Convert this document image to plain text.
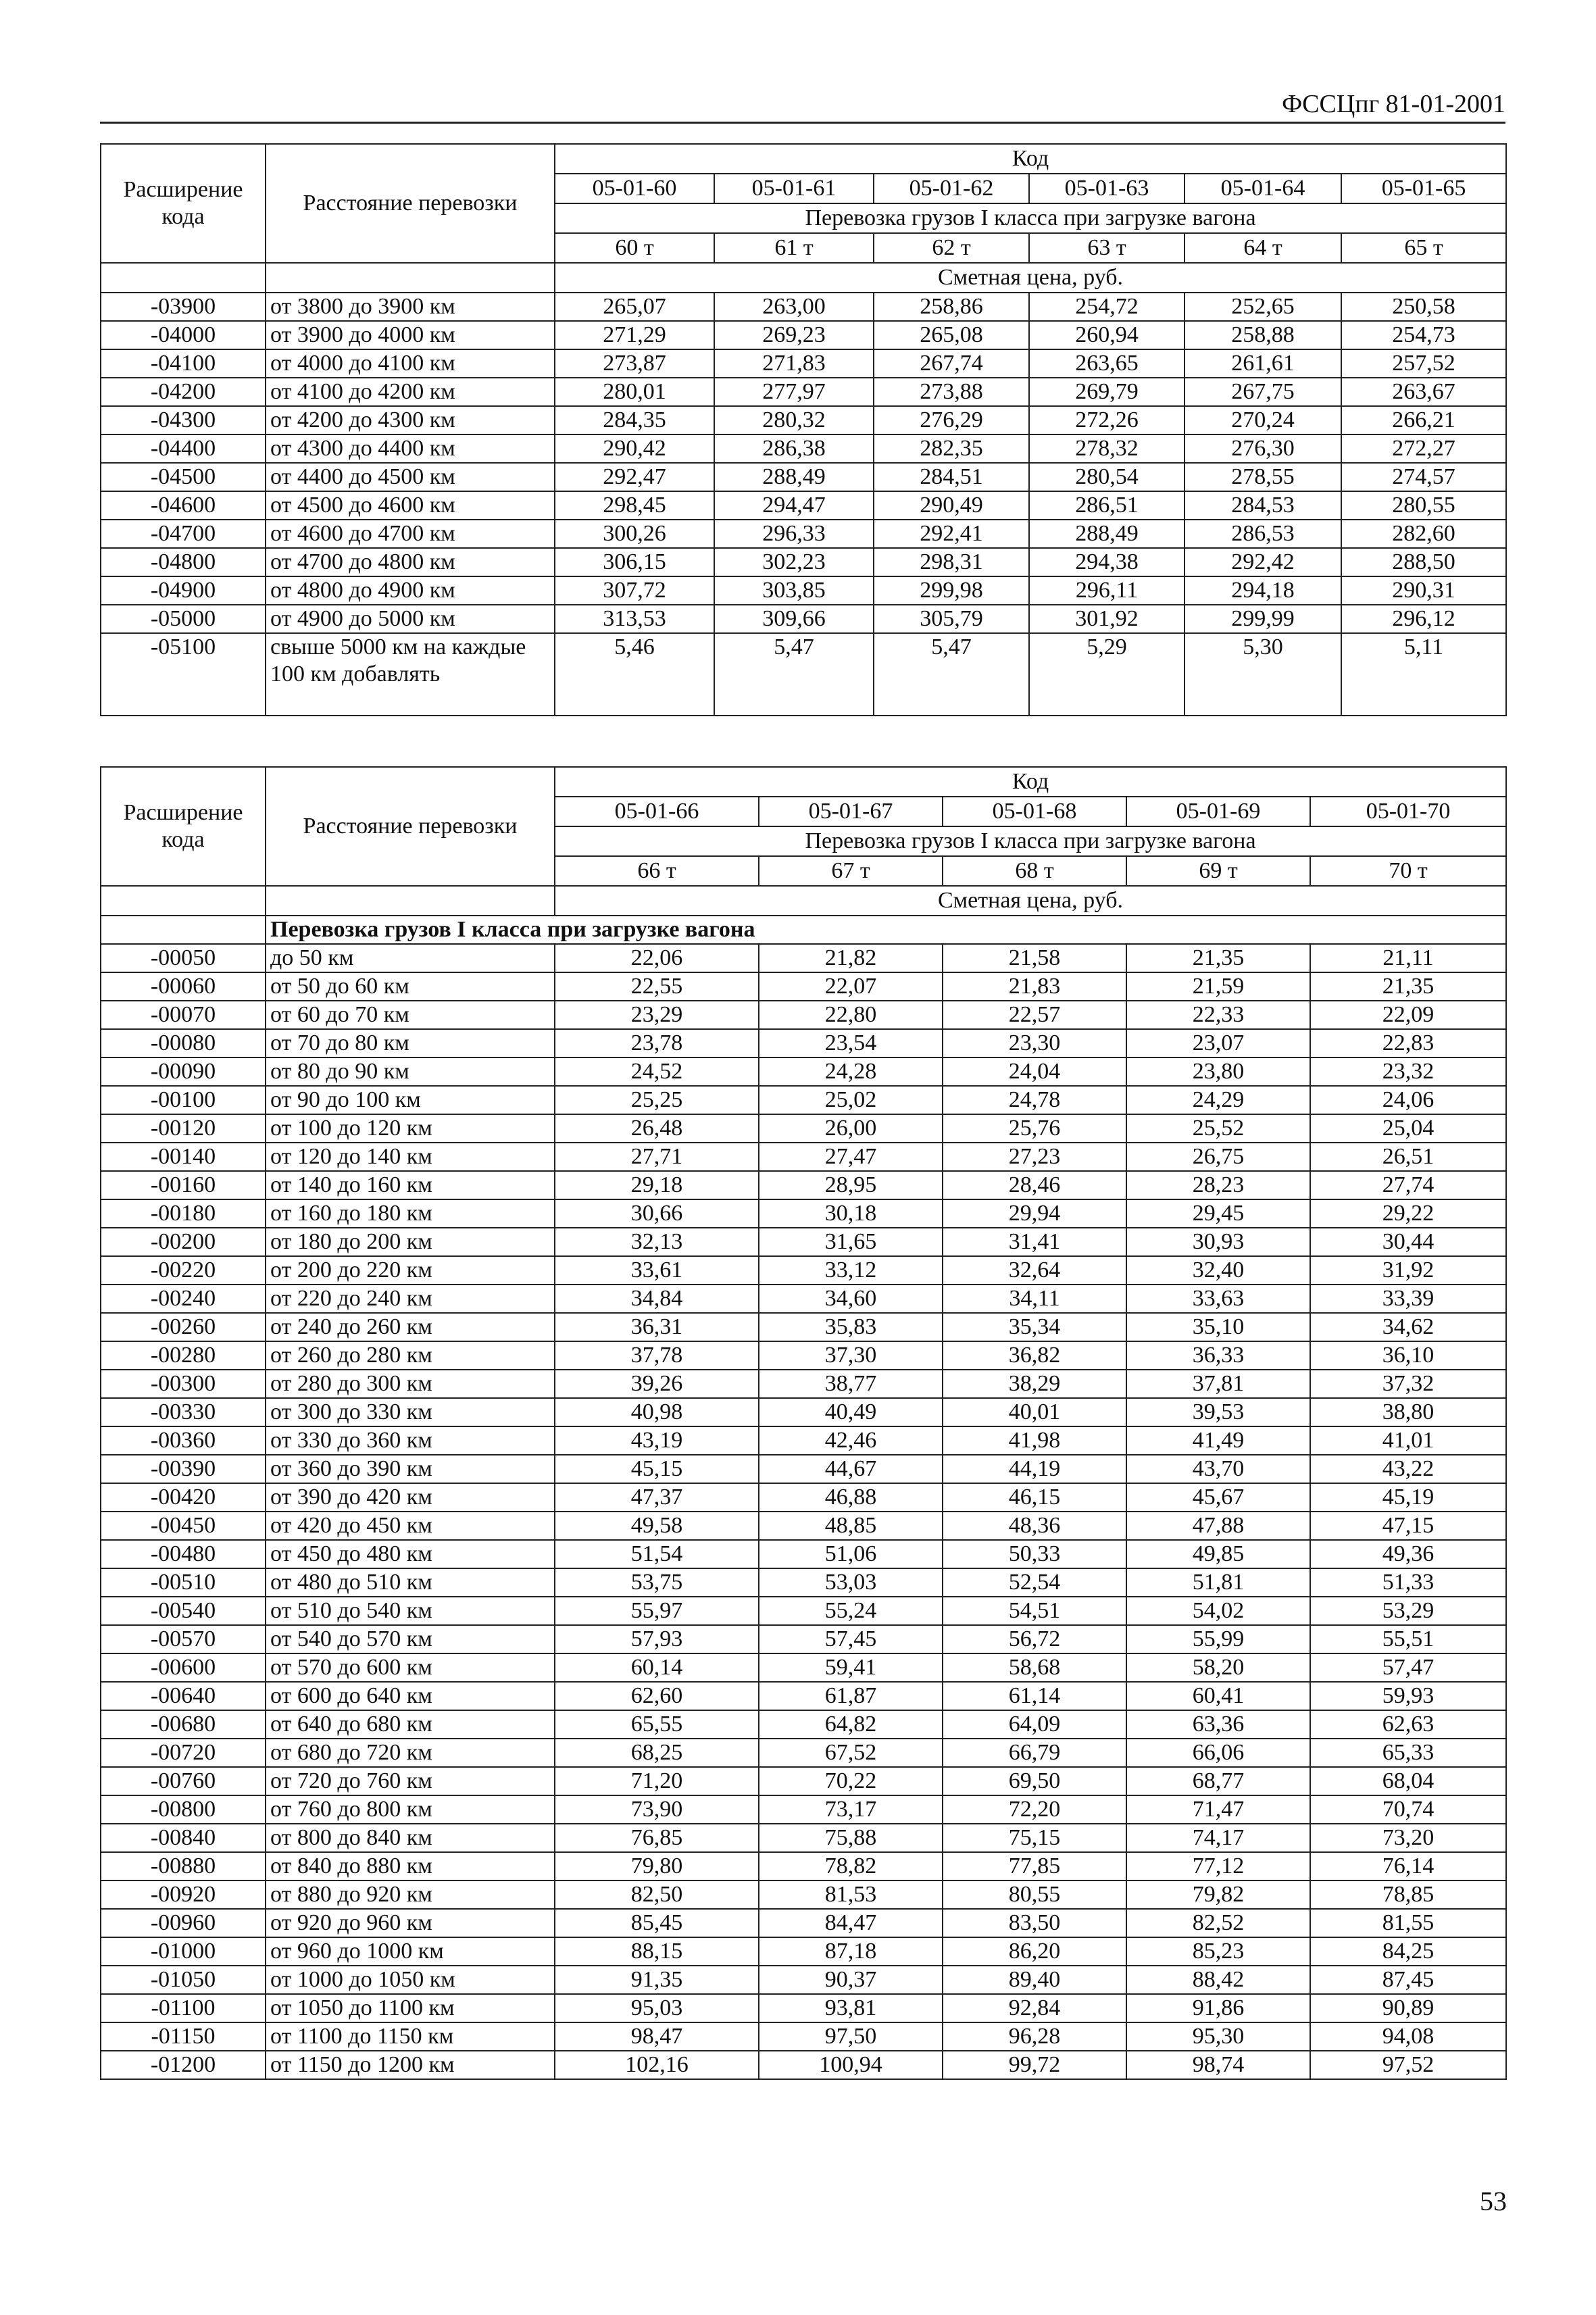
ФССЦпг 81-01-2001
Расширение кода	Расстояние перевозки	Код					
		05-01-60	05-01-61	05-01-62	05-01-63	05-01-64	05-01-65
		Перевозка грузов I класса при загрузке вагона					
		60 т	61 т	62 т	63 т	64 т	65 т
		Сметная цена, руб.					
-03900	от 3800 до 3900 км	265,07	263,00	258,86	254,72	252,65	250,58
-04000	от 3900 до 4000 км	271,29	269,23	265,08	260,94	258,88	254,73
-04100	от 4000 до 4100 км	273,87	271,83	267,74	263,65	261,61	257,52
-04200	от 4100 до 4200 км	280,01	277,97	273,88	269,79	267,75	263,67
-04300	от 4200 до 4300 км	284,35	280,32	276,29	272,26	270,24	266,21
-04400	от 4300 до 4400 км	290,42	286,38	282,35	278,32	276,30	272,27
-04500	от 4400 до 4500 км	292,47	288,49	284,51	280,54	278,55	274,57
-04600	от 4500 до 4600 км	298,45	294,47	290,49	286,51	284,53	280,55
-04700	от 4600 до 4700 км	300,26	296,33	292,41	288,49	286,53	282,60
-04800	от 4700 до 4800 км	306,15	302,23	298,31	294,38	292,42	288,50
-04900	от 4800 до 4900 км	307,72	303,85	299,98	296,11	294,18	290,31
-05000	от 4900 до 5000 км	313,53	309,66	305,79	301,92	299,99	296,12
-05100	свыше 5000 км на каждые 100 км добавлять	5,46	5,47	5,47	5,29	5,30	5,11
Расширение кода	Расстояние перевозки	Код				
		05-01-66	05-01-67	05-01-68	05-01-69	05-01-70
		Перевозка грузов I класса при загрузке вагона				
		66 т	67 т	68 т	69 т	70 т
		Сметная цена, руб.				
	Перевозка грузов I класса при загрузке вагона					
-00050	до 50 км	22,06	21,82	21,58	21,35	21,11
-00060	от 50 до 60 км	22,55	22,07	21,83	21,59	21,35
-00070	от 60 до 70 км	23,29	22,80	22,57	22,33	22,09
-00080	от 70 до 80 км	23,78	23,54	23,30	23,07	22,83
-00090	от 80 до 90 км	24,52	24,28	24,04	23,80	23,32
-00100	от 90 до 100 км	25,25	25,02	24,78	24,29	24,06
-00120	от 100 до 120 км	26,48	26,00	25,76	25,52	25,04
-00140	от 120 до 140 км	27,71	27,47	27,23	26,75	26,51
-00160	от 140 до 160 км	29,18	28,95	28,46	28,23	27,74
-00180	от 160 до 180 км	30,66	30,18	29,94	29,45	29,22
-00200	от 180 до 200 км	32,13	31,65	31,41	30,93	30,44
-00220	от 200 до 220 км	33,61	33,12	32,64	32,40	31,92
-00240	от 220 до 240 км	34,84	34,60	34,11	33,63	33,39
-00260	от 240 до 260 км	36,31	35,83	35,34	35,10	34,62
-00280	от 260 до 280 км	37,78	37,30	36,82	36,33	36,10
-00300	от 280 до 300 км	39,26	38,77	38,29	37,81	37,32
-00330	от 300 до 330 км	40,98	40,49	40,01	39,53	38,80
-00360	от 330 до 360 км	43,19	42,46	41,98	41,49	41,01
-00390	от 360 до 390 км	45,15	44,67	44,19	43,70	43,22
-00420	от 390 до 420 км	47,37	46,88	46,15	45,67	45,19
-00450	от 420 до 450 км	49,58	48,85	48,36	47,88	47,15
-00480	от 450 до 480 км	51,54	51,06	50,33	49,85	49,36
-00510	от 480 до 510 км	53,75	53,03	52,54	51,81	51,33
-00540	от 510 до 540 км	55,97	55,24	54,51	54,02	53,29
-00570	от 540 до 570 км	57,93	57,45	56,72	55,99	55,51
-00600	от 570 до 600 км	60,14	59,41	58,68	58,20	57,47
-00640	от 600 до 640 км	62,60	61,87	61,14	60,41	59,93
-00680	от 640 до 680 км	65,55	64,82	64,09	63,36	62,63
-00720	от 680 до 720 км	68,25	67,52	66,79	66,06	65,33
-00760	от 720 до 760 км	71,20	70,22	69,50	68,77	68,04
-00800	от 760 до 800 км	73,90	73,17	72,20	71,47	70,74
-00840	от 800 до 840 км	76,85	75,88	75,15	74,17	73,20
-00880	от 840 до 880 км	79,80	78,82	77,85	77,12	76,14
-00920	от 880 до 920 км	82,50	81,53	80,55	79,82	78,85
-00960	от 920 до 960 км	85,45	84,47	83,50	82,52	81,55
-01000	от 960 до 1000 км	88,15	87,18	86,20	85,23	84,25
-01050	от 1000 до 1050 км	91,35	90,37	89,40	88,42	87,45
-01100	от 1050 до 1100 км	95,03	93,81	92,84	91,86	90,89
-01150	от 1100 до 1150 км	98,47	97,50	96,28	95,30	94,08
-01200	от 1150 до 1200 км	102,16	100,94	99,72	98,74	97,52
53
